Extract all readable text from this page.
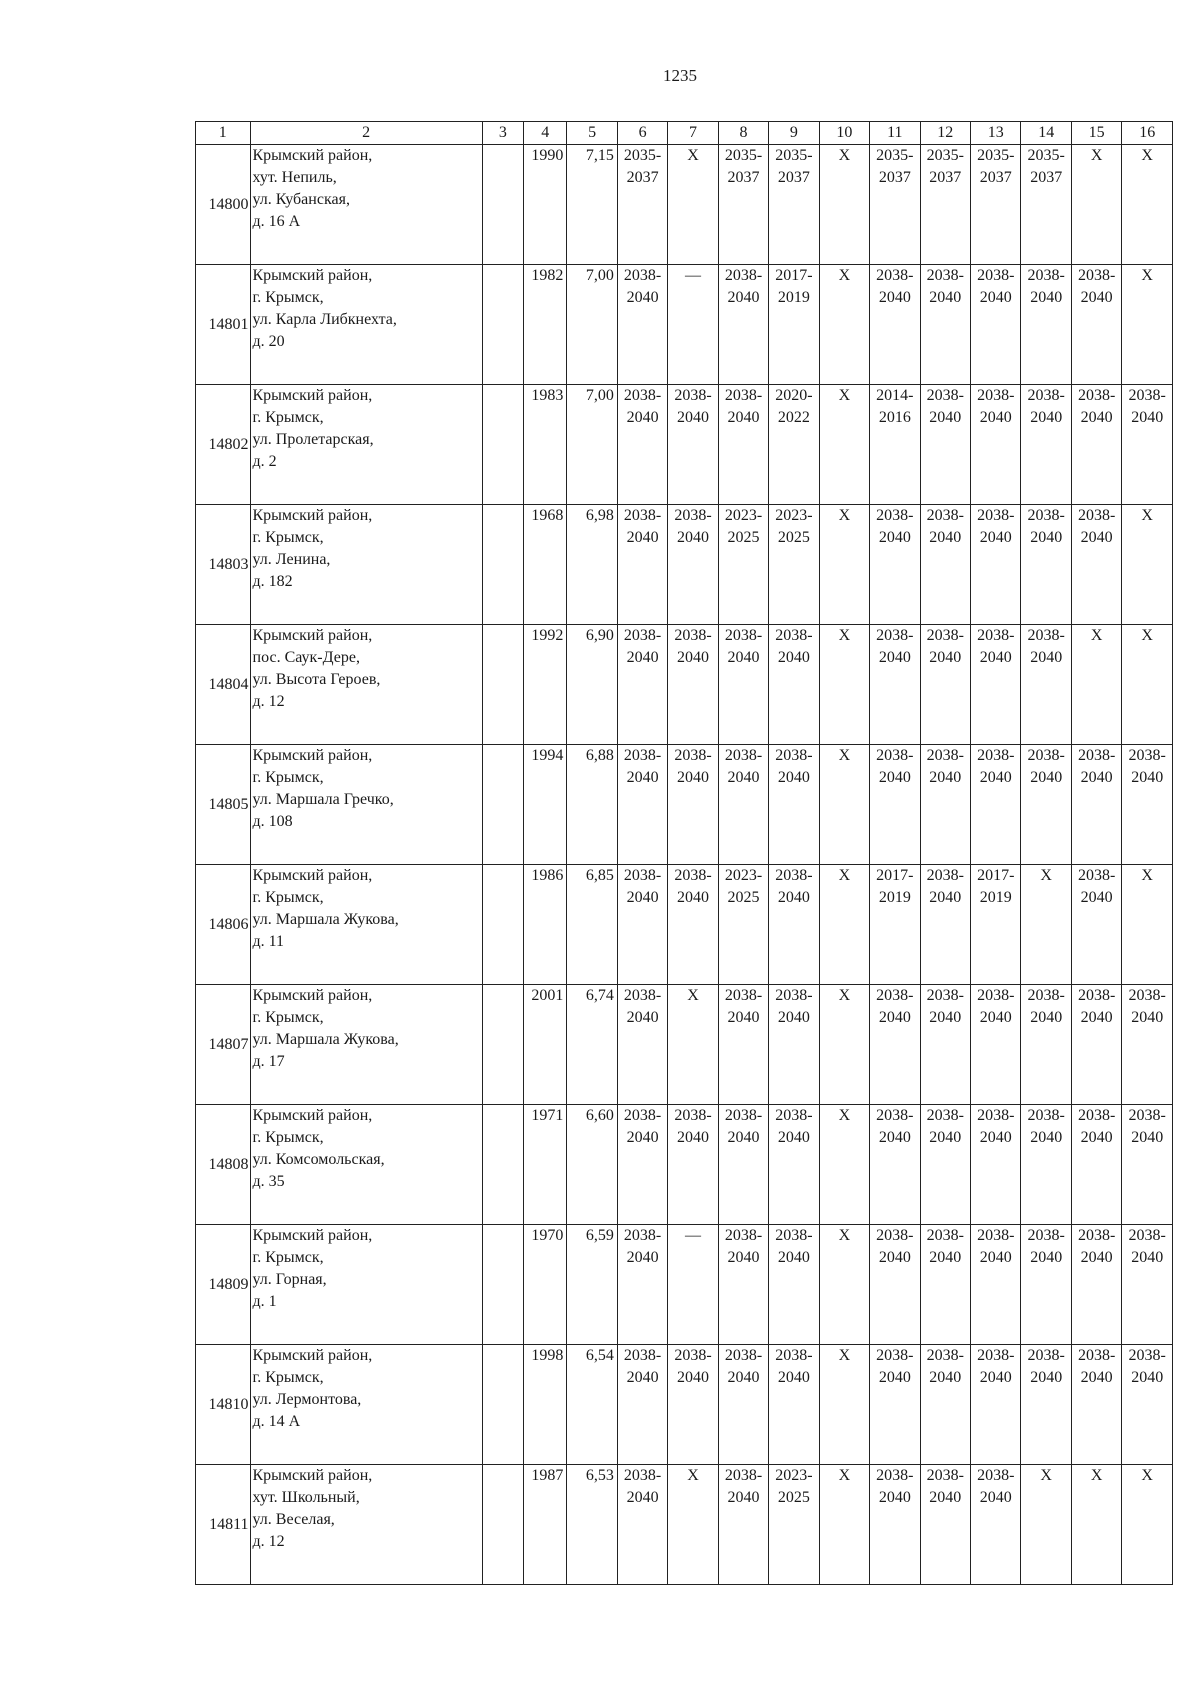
1235
1	2	3	4	5	6	7	8	9	10	11	12	13	14	15	16
14800	Крымский район,
хут. Непиль,
ул. Кубанская,
д. 16 А		1990	7,15	2035-
2037	Х	2035-
2037	2035-
2037	Х	2035-
2037	2035-
2037	2035-
2037	2035-
2037	Х	Х
14801	Крымский район,
г. Крымск,
ул. Карла Либкнехта,
д. 20		1982	7,00	2038-
2040	—	2038-
2040	2017-
2019	Х	2038-
2040	2038-
2040	2038-
2040	2038-
2040	2038-
2040	Х
14802	Крымский район,
г. Крымск,
ул. Пролетарская,
д. 2		1983	7,00	2038-
2040	2038-
2040	2038-
2040	2020-
2022	Х	2014-
2016	2038-
2040	2038-
2040	2038-
2040	2038-
2040	2038-
2040
14803	Крымский район,
г. Крымск,
ул. Ленина,
д. 182		1968	6,98	2038-
2040	2038-
2040	2023-
2025	2023-
2025	Х	2038-
2040	2038-
2040	2038-
2040	2038-
2040	2038-
2040	Х
14804	Крымский район,
пос. Саук-Дере,
ул. Высота Героев,
д. 12		1992	6,90	2038-
2040	2038-
2040	2038-
2040	2038-
2040	Х	2038-
2040	2038-
2040	2038-
2040	2038-
2040	Х	Х
14805	Крымский район,
г. Крымск,
ул. Маршала Гречко,
д. 108		1994	6,88	2038-
2040	2038-
2040	2038-
2040	2038-
2040	Х	2038-
2040	2038-
2040	2038-
2040	2038-
2040	2038-
2040	2038-
2040
14806	Крымский район,
г. Крымск,
ул. Маршала Жукова,
д. 11		1986	6,85	2038-
2040	2038-
2040	2023-
2025	2038-
2040	Х	2017-
2019	2038-
2040	2017-
2019	Х	2038-
2040	Х
14807	Крымский район,
г. Крымск,
ул. Маршала Жукова,
д. 17		2001	6,74	2038-
2040	Х	2038-
2040	2038-
2040	Х	2038-
2040	2038-
2040	2038-
2040	2038-
2040	2038-
2040	2038-
2040
14808	Крымский район,
г. Крымск,
ул. Комсомольская,
д. 35		1971	6,60	2038-
2040	2038-
2040	2038-
2040	2038-
2040	Х	2038-
2040	2038-
2040	2038-
2040	2038-
2040	2038-
2040	2038-
2040
14809	Крымский район,
г. Крымск,
ул. Горная,
д. 1		1970	6,59	2038-
2040	—	2038-
2040	2038-
2040	Х	2038-
2040	2038-
2040	2038-
2040	2038-
2040	2038-
2040	2038-
2040
14810	Крымский район,
г. Крымск,
ул. Лермонтова,
д. 14 А		1998	6,54	2038-
2040	2038-
2040	2038-
2040	2038-
2040	Х	2038-
2040	2038-
2040	2038-
2040	2038-
2040	2038-
2040	2038-
2040
14811	Крымский район,
хут. Школьный,
ул. Веселая,
д. 12		1987	6,53	2038-
2040	Х	2038-
2040	2023-
2025	Х	2038-
2040	2038-
2040	2038-
2040	Х	Х	Х
